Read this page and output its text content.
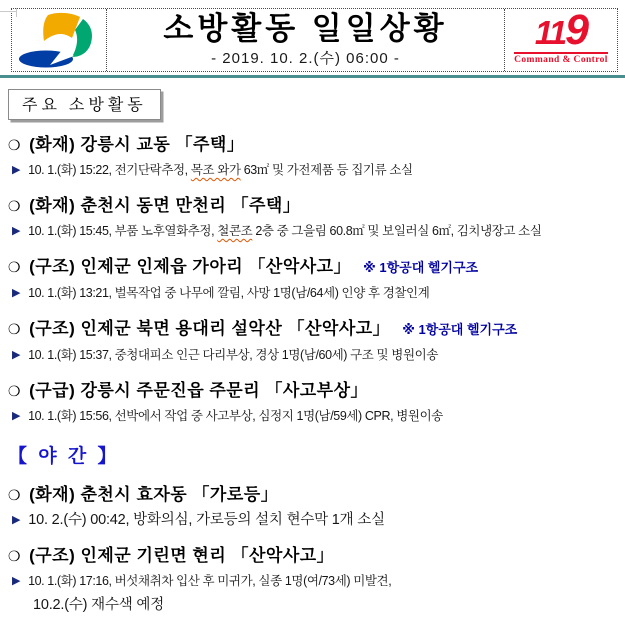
소방활동 일일상황
- 2019. 10. 2.(수) 06:00 -
119
Command & Control
주요 소방활동
❍ (화재) 강릉시 교동 「주택」
▶ 10. 1.(화) 15:22, 전기단락추정, 목조 와가 63㎡ 및 가전제품 등 집기류 소실
❍ (화재) 춘천시 동면 만천리 「주택」
▶ 10. 1.(화) 15:45, 부품 노후열화추정, 철콘조 2층 중 그을림 60.8㎡ 및 보일러실 6㎡, 김치냉장고 소실
❍ (구조) 인제군 인제읍 가아리 「산악사고」 ※ 1항공대 헬기구조
▶ 10. 1.(화) 13:21, 벌목작업 중 나무에 깔림, 사망 1명(남/64세) 인양 후 경찰인계
❍ (구조) 인제군 북면 용대리 설악산 「산악사고」 ※ 1항공대 헬기구조
▶ 10. 1.(화) 15:37, 중청대피소 인근 다리부상, 경상 1명(남/60세) 구조 및 병원이송
❍ (구급) 강릉시 주문진읍 주문리 「사고부상」
▶ 10. 1.(화) 15:56, 선박에서 작업 중 사고부상, 심정지 1명(남/59세) CPR, 병원이송
【 야 간 】
❍ (화재) 춘천시 효자동 「가로등」
▶ 10. 2.(수) 00:42, 방화의심, 가로등의 설치 현수막 1개 소실
❍ (구조) 인제군 기린면 현리 「산악사고」
▶ 10. 1.(화) 17:16, 버섯채취차 입산 후 미귀가, 실종 1명(여/73세) 미발견,
10.2.(수) 재수색 예정
